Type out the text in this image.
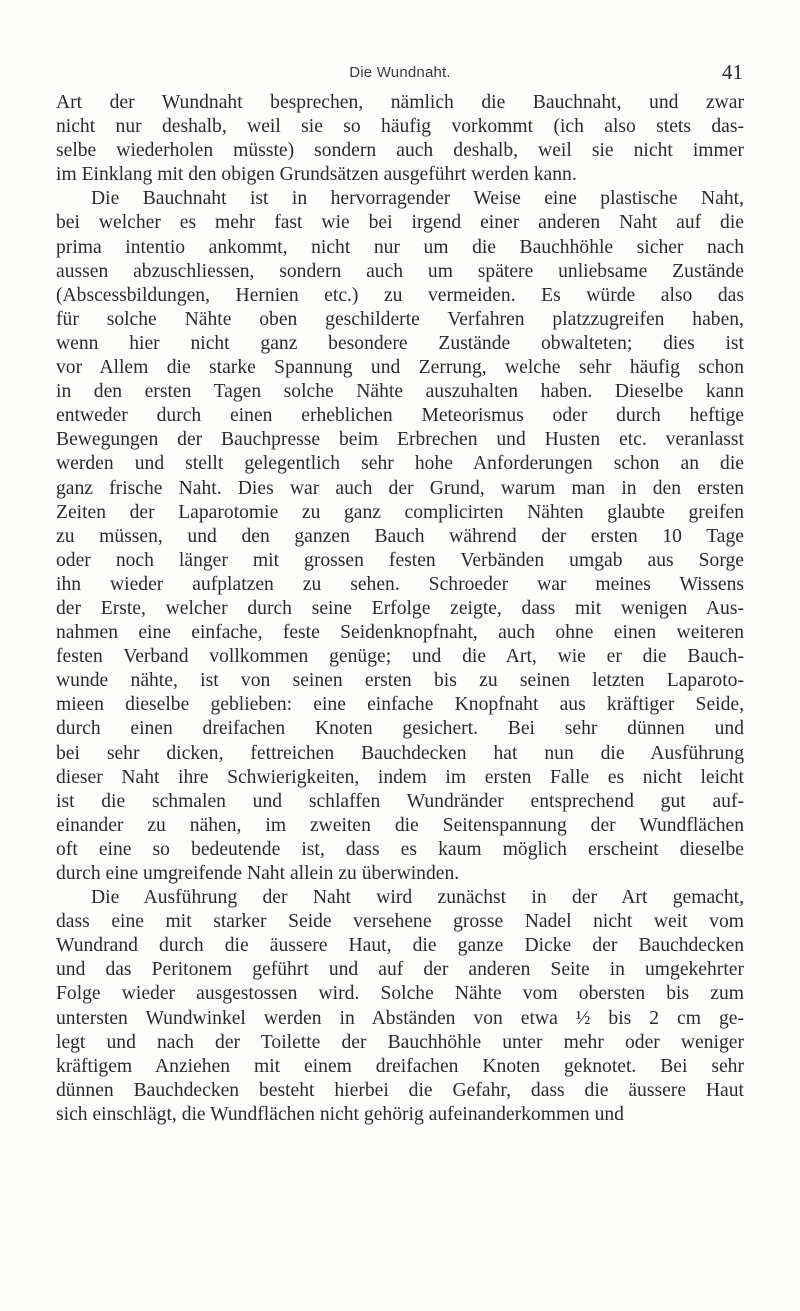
Die Wundnaht.	41
Art der Wundnaht besprechen, nämlich die Bauchnaht, und zwar
nicht nur deshalb, weil sie so häufig vorkommt (ich also stets das-
selbe wiederholen müsste) sondern auch deshalb, weil sie nicht immer
im Einklang mit den obigen Grundsätzen ausgeführt werden kann.
Die Bauchnaht ist in hervorragender Weise eine plastische Naht,
bei welcher es mehr fast wie bei irgend einer anderen Naht auf die
prima intentio ankommt, nicht nur um die Bauchhöhle sicher nach
aussen abzuschliessen, sondern auch um spätere unliebsame Zustände
(Abscessbildungen, Hernien etc.) zu vermeiden. Es würde also das
für solche Nähte oben geschilderte Verfahren platzzugreifen haben,
wenn hier nicht ganz besondere Zustände obwalteten; dies ist
vor Allem die starke Spannung und Zerrung, welche sehr häufig schon
in den ersten Tagen solche Nähte auszuhalten haben. Dieselbe kann
entweder durch einen erheblichen Meteorismus oder durch heftige
Bewegungen der Bauchpresse beim Erbrechen und Husten etc. veranlasst
werden und stellt gelegentlich sehr hohe Anforderungen schon an die
ganz frische Naht. Dies war auch der Grund, warum man in den ersten
Zeiten der Laparotomie zu ganz complicirten Nähten glaubte greifen
zu müssen, und den ganzen Bauch während der ersten 10 Tage
oder noch länger mit grossen festen Verbänden umgab aus Sorge
ihn wieder aufplatzen zu sehen. Schroeder war meines Wissens
der Erste, welcher durch seine Erfolge zeigte, dass mit wenigen Aus-
nahmen eine einfache, feste Seidenknopfnaht, auch ohne einen weiteren
festen Verband vollkommen genüge; und die Art, wie er die Bauch-
wunde nähte, ist von seinen ersten bis zu seinen letzten Laparoto-
mieen dieselbe geblieben: eine einfache Knopfnaht aus kräftiger Seide,
durch einen dreifachen Knoten gesichert. Bei sehr dünnen und
bei sehr dicken, fettreichen Bauchdecken hat nun die Ausführung
dieser Naht ihre Schwierigkeiten, indem im ersten Falle es nicht leicht
ist die schmalen und schlaffen Wundränder entsprechend gut auf-
einander zu nähen, im zweiten die Seitenspannung der Wundflächen
oft eine so bedeutende ist, dass es kaum möglich erscheint dieselbe
durch eine umgreifende Naht allein zu überwinden.
Die Ausführung der Naht wird zunächst in der Art gemacht,
dass eine mit starker Seide versehene grosse Nadel nicht weit vom
Wundrand durch die äussere Haut, die ganze Dicke der Bauchdecken
und das Peritonem geführt und auf der anderen Seite in umgekehrter
Folge wieder ausgestossen wird. Solche Nähte vom obersten bis zum
untersten Wundwinkel werden in Abständen von etwa ½ bis 2 cm ge-
legt und nach der Toilette der Bauchhöhle unter mehr oder weniger
kräftigem Anziehen mit einem dreifachen Knoten geknotet. Bei sehr
dünnen Bauchdecken besteht hierbei die Gefahr, dass die äussere Haut
sich einschlägt, die Wundflächen nicht gehörig aufeinanderkommen und
